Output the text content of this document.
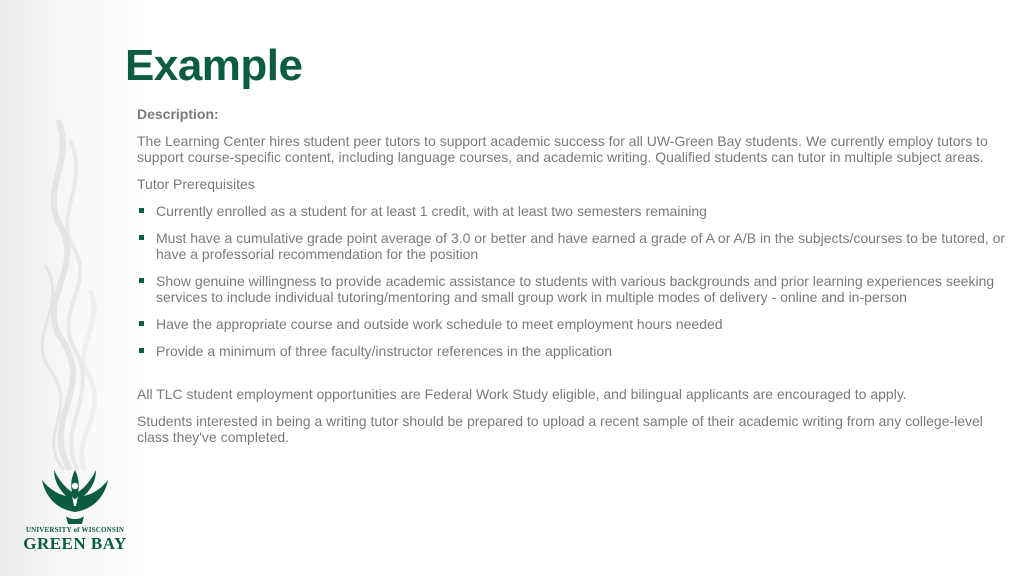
Example

Description:

The Learning Center hires student peer tutors to support academic success for all UW-Green Bay students. We currently employ tutors to support course-specific content, including language courses, and academic writing. Qualified students can tutor in multiple subject areas.

Tutor Prerequisites

Currently enrolled as a student for at least 1 credit, with at least two semesters remaining
Must have a cumulative grade point average of 3.0 or better and have earned a grade of A or A/B in the subjects/courses to be tutored, or have a professorial recommendation for the position
Show genuine willingness to provide academic assistance to students with various backgrounds and prior learning experiences seeking services to include individual tutoring/mentoring and small group work in multiple modes of delivery - online and in-person
Have the appropriate course and outside work schedule to meet employment hours needed
Provide a minimum of three faculty/instructor references in the application

All TLC student employment opportunities are Federal Work Study eligible, and bilingual applicants are encouraged to apply.

Students interested in being a writing tutor should be prepared to upload a recent sample of their academic writing from any college-level class they've completed.

UNIVERSITY of WISCONSIN
GREEN BAY
